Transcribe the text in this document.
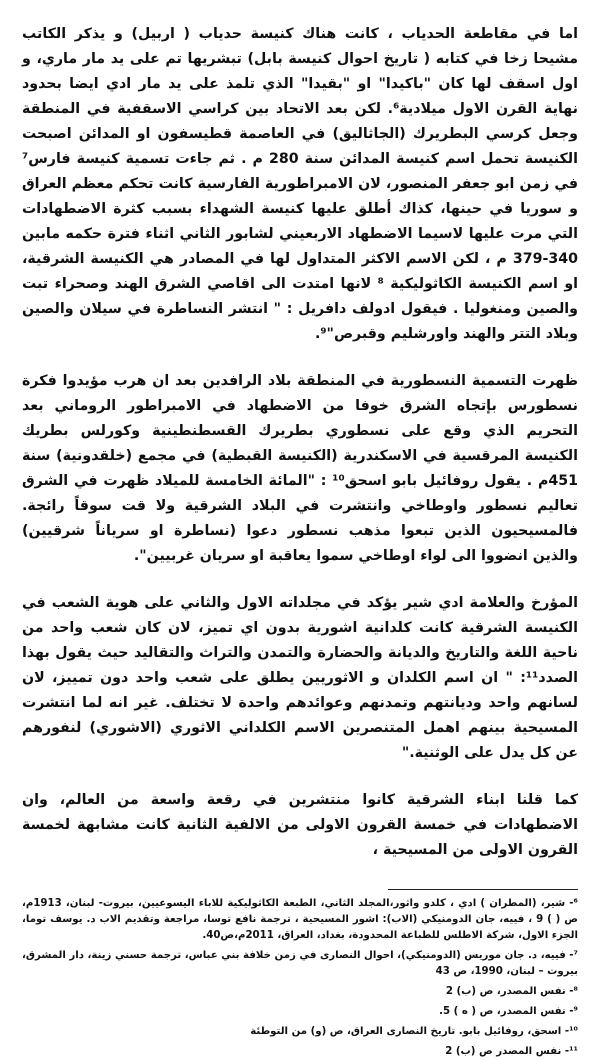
اما في مقاطعة الحدياب ، كانت هناك كنيسة حدياب ( اربيل) و يذكر الكاتب مشيحا زخا في كتابه ( تاريخ احوال كنيسة بابل) تبشريها تم على يد مار ماري، و اول اسقف لها كان "باكيدا" او "بقيدا" الذي تلمذ على يد مار ادي ايضا بحدود نهاية القرن الاول ميلادية⁶. لكن بعد الاتحاد بين كراسي الاسقفية في المنطقة وجعل كرسي البطريرك (الجاثاليق) في العاصمة قطيسفون او المدائن اصبحت الكنيسة تحمل اسم كنيسة المدائن سنة 280 م . ثم جاءت تسمية كنيسة فارس⁷ في زمن ابو جعفر المنصور، لان الامبراطورية الفارسية كانت تحكم معظم العراق و سوريا في حينها، كذاك أطلق عليها كنيسة الشهداء بسبب كثرة الاضطهادات التي مرت عليها لاسيما الاضطهاد الاربعيني لشابور الثاني اثناء فترة حكمه مابين 340-379 م ، لكن الاسم الاكثر المتداول لها في المصادر هي الكنيسة الشرقية، او اسم الكنيسة الكاثوليكية ⁸ لانها امتدت الى اقاصي الشرق الهند وصحراء تبت والصين ومنغوليا . فيقول ادولف دافريل : " انتشر النساطرة في سيلان والصين وبلاد التتر والهند واورشليم وقبرص"⁹.

ظهرت التسمية النسطورية في المنطقة بلاد الرافدين بعد ان هرب مؤيدوا فكرة نسطورس بإتجاه الشرق خوفا من الاضطهاد في الامبراطور الروماني بعد التحريم الذي وقع على نسطوري بطريرك القسطنطينية وكورلس بطريك الكنيسة المرقسية في الاسكندرية (الكنيسة القبطية) في مجمع (خلقدونية) سنة 451م . يقول روفائيل بابو اسحق¹⁰ : "المائة الخامسة للميلاد ظهرت في الشرق تعاليم نسطور واوطاخي وانتشرت في البلاد الشرقية ولا قت سوقاً رائجة. فالمسيحيون الذين تبعوا مذهب نسطور دعوا (نساطرة او سرياناً شرقيين) والذين انضووا الى لواء اوطاخي سموا يعاقبة او سريان غربيين".

المؤرخ والعلامة ادي شير يؤكد في مجلداته الاول والثاني على هوية الشعب في الكنيسة الشرقية كانت كلدانية اشورية بدون اي تميز، لان كان شعب واحد من ناحية اللغة والتاريخ والديانة والحضارة والتمدن والتراث والتقاليد حيث يقول بهذا الصدد¹¹: " ان اسم الكلدان و الاثوريين يطلق على شعب واحد دون تمييز، لان لسانهم واحد وديانتهم وتمدنهم وعوائدهم واحدة لا تختلف. غير انه لما انتشرت المسيحية بينهم اهمل المتنصرين الاسم الكلداني الاثوري (الاشوري) لنفورهم عن كل يدل على الوثنية."

كما قلنا ابناء الشرقية كانوا منتشرين في رقعة واسعة من العالم، وان الاضطهادات في خمسة القرون الاولى من الالفية الثانية كانت مشابهة لخمسة القرون الاولى من المسيحية ،

⁶- شير، (المطران ) ادي ، كلدو واثور،المجلد الثاني، الطبعة الكاثوليكية للاباء اليسوعيين، بيروت- لبنان، 1913م، ص ( ) 9 ، فييه، جان الدومنيكي (الاب): اشور المسيحية ، ترجمة نافع توسا، مراجعة وتقديم الاب د. يوسف توما، الجزء الاول، شركة الاطلس للطباعة المحدودة، بغداد، العراق، 2011م،ص40.

⁷- فييه، د. جان موريس (الدومنيكي)، احوال النصارى في زمن خلافة بني عباس، ترجمة حسني زينة، دار المشرق، بيروت – لبنان، 1990، ص 43

⁸- نفس المصدر، ص (ب) 2

⁹- نفس المصدر، ص ( ه ) 5.

¹⁰- اسحق، روفائيل بابو. تاريخ النصارى العراق، ص (و) من التوطئة

¹¹- نفس المصدر ص (ب) 2
